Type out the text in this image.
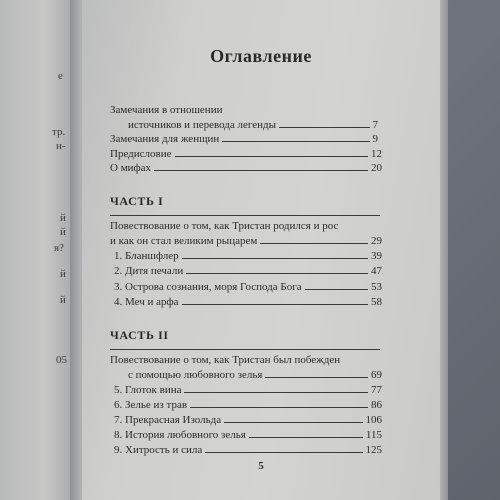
е
тр.
н-
й
й
я?
й
й
05
Оглавление
Замечания в отношении
источников и перевода легенды	7
Замечания для женщин	9
Предисловие	12
О мифах	20
ЧАСТЬ I
Повествование о том, как Тристан родился и рос
и как он стал великим рыцарем	29
1. Бланшфлер	39
2. Дитя печали	47
3. Острова сознания, моря Господа Бога	53
4. Меч и арфа	58
ЧАСТЬ II
Повествование о том, как Тристан был побежден
с помощью любовного зелья	69
5. Глоток вина	77
6. Зелье из трав	86
7. Прекрасная Изольда	106
8. История любовного зелья	115
9. Хитрость и сила	125
5
